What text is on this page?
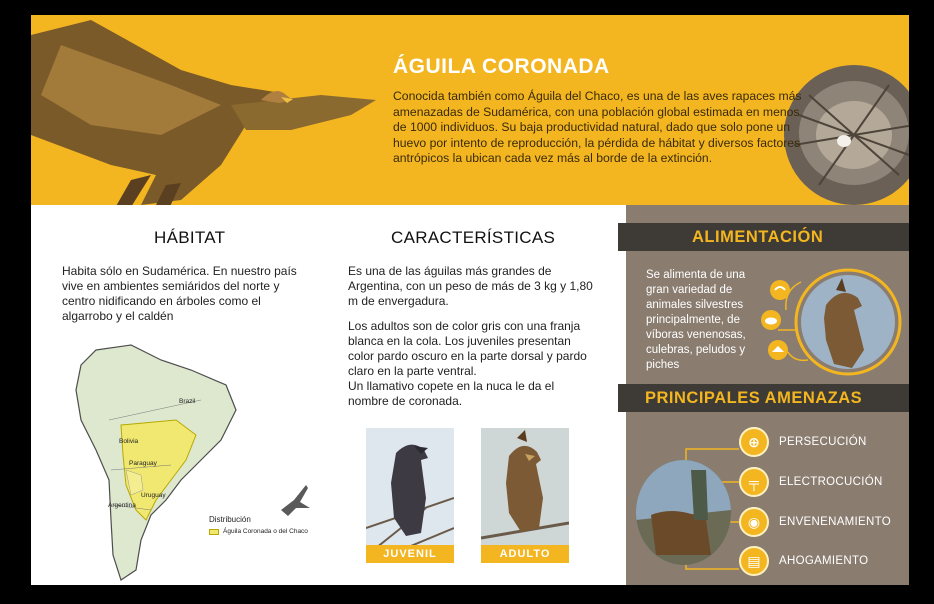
ÁGUILA CORONADA
Conocida también como Águila del Chaco, es una de las aves rapaces más amenazadas de Sudamérica, con una población global estimada en menos de 1000 individuos. Su baja productividad natural, dado que solo pone un huevo por intento de reproducción, la pérdida de hábitat y diversos factores antrópicos la ubican cada vez más al borde de la extinción.
HÁBITAT
Habita sólo en Sudamérica. En nuestro país vive en ambientes semiáridos del norte y centro nidificando en árboles como el algarrobo y el caldén
Brazil
Bolivia
Paraguay
Uruguay
Argentina
Distribución
Águila Coronada o del Chaco
CARACTERÍSTICAS
Es una de las águilas más grandes de Argentina, con un peso de más de 3 kg y 1,80 m de envergadura.
Los adultos son de color gris con una franja blanca en la cola. Los juveniles presentan color pardo oscuro en la parte dorsal y pardo claro en la parte ventral.
Un llamativo copete en la nuca le da el nombre de coronada.
JUVENIL	ADULTO
ALIMENTACIÓN
Se alimenta de una gran variedad de animales silvestres principalmente, de víboras venenosas, culebras, peludos y piches
PRINCIPALES AMENAZAS
⊕	PERSECUCIÓN
╤	ELECTROCUCIÓN
◉	ENVENENAMIENTO
▤	AHOGAMIENTO
